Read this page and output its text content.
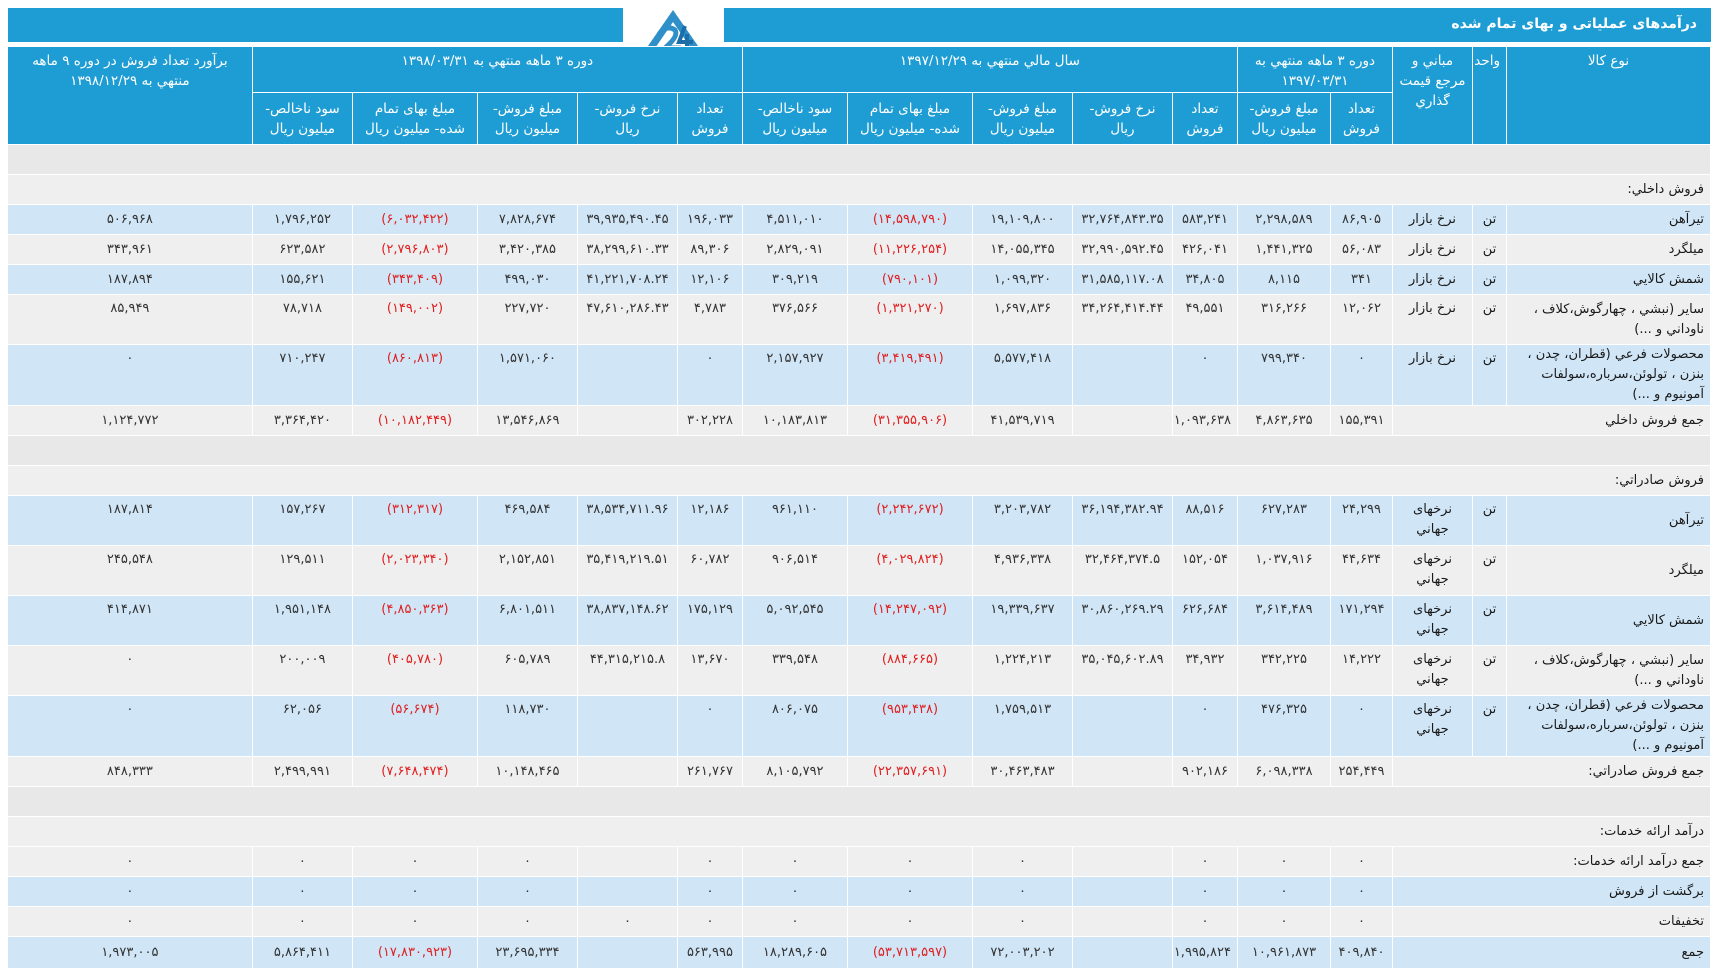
درآمدهای عملیاتی و بهای تمام شده
نوع کالا	واحد	مباني و مرجع قیمت گذاري	دوره ۳ ماهه منتهي به ۱۳۹۷/۰۳/۳۱		سال مالي منتهي به ۱۳۹۷/۱۲/۲۹					دوره ۳ ماهه منتهي به ۱۳۹۸/۰۳/۳۱					برآورد تعداد فروش در دوره ۹ ماهه منتهي به ۱۳۹۸/۱۲/۲۹
			تعداد فروش	مبلغ فروش- میلیون ریال	تعداد فروش	نرخ فروش- ریال	مبلغ فروش- میلیون ریال	مبلغ بهای تمام شده- میلیون ریال	سود ناخالص- میلیون ریال	تعداد فروش	نرخ فروش- ریال	مبلغ فروش- میلیون ریال	مبلغ بهای تمام شده- میلیون ریال	سود ناخالص- میلیون ریال	

فروش داخلي:															
تیرآهن	تن	نرخ بازار	۸۶,۹۰۵	۲,۲۹۸,۵۸۹	۵۸۳,۲۴۱	۳۲,۷۶۴,۸۴۳.۳۵	۱۹,۱۰۹,۸۰۰	(۱۴,۵۹۸,۷۹۰)	۴,۵۱۱,۰۱۰	۱۹۶,۰۳۳	۳۹,۹۳۵,۴۹۰.۴۵	۷,۸۲۸,۶۷۴	(۶,۰۳۲,۴۲۲)	۱,۷۹۶,۲۵۲	۵۰۶,۹۶۸
میلگرد	تن	نرخ بازار	۵۶,۰۸۳	۱,۴۴۱,۳۲۵	۴۲۶,۰۴۱	۳۲,۹۹۰,۵۹۲.۴۵	۱۴,۰۵۵,۳۴۵	(۱۱,۲۲۶,۲۵۴)	۲,۸۲۹,۰۹۱	۸۹,۳۰۶	۳۸,۲۹۹,۶۱۰.۳۳	۳,۴۲۰,۳۸۵	(۲,۷۹۶,۸۰۳)	۶۲۳,۵۸۲	۳۴۳,۹۶۱
شمش کالایي	تن	نرخ بازار	۳۴۱	۸,۱۱۵	۳۴,۸۰۵	۳۱,۵۸۵,۱۱۷.۰۸	۱,۰۹۹,۳۲۰	(۷۹۰,۱۰۱)	۳۰۹,۲۱۹	۱۲,۱۰۶	۴۱,۲۲۱,۷۰۸.۲۴	۴۹۹,۰۳۰	(۳۴۳,۴۰۹)	۱۵۵,۶۲۱	۱۸۷,۸۹۴
سایر (نبشي ، چهارگوش،کلاف ، ناوداني و ...)	تن	نرخ بازار	۱۲,۰۶۲	۳۱۶,۲۶۶	۴۹,۵۵۱	۳۴,۲۶۴,۴۱۴.۴۴	۱,۶۹۷,۸۳۶	(۱,۳۲۱,۲۷۰)	۳۷۶,۵۶۶	۴,۷۸۳	۴۷,۶۱۰,۲۸۶.۴۳	۲۲۷,۷۲۰	(۱۴۹,۰۰۲)	۷۸,۷۱۸	۸۵,۹۴۹
محصولات فرعي (قطران، چدن ، بنزن ، تولوئن،سرباره،سولفات آمونیوم و ...)	تن	نرخ بازار	۰	۷۹۹,۳۴۰	۰		۵,۵۷۷,۴۱۸	(۳,۴۱۹,۴۹۱)	۲,۱۵۷,۹۲۷	۰		۱,۵۷۱,۰۶۰	(۸۶۰,۸۱۳)	۷۱۰,۲۴۷	۰
جمع فروش داخلي			۱۵۵,۳۹۱	۴,۸۶۳,۶۳۵	۱,۰۹۳,۶۳۸		۴۱,۵۳۹,۷۱۹	(۳۱,۳۵۵,۹۰۶)	۱۰,۱۸۳,۸۱۳	۳۰۲,۲۲۸		۱۳,۵۴۶,۸۶۹	(۱۰,۱۸۲,۴۴۹)	۳,۳۶۴,۴۲۰	۱,۱۲۴,۷۷۲

فروش صادراتي:															
تیرآهن	تن	نرخهای جهاني	۲۴,۲۹۹	۶۲۷,۲۸۳	۸۸,۵۱۶	۳۶,۱۹۴,۳۸۲.۹۴	۳,۲۰۳,۷۸۲	(۲,۲۴۲,۶۷۲)	۹۶۱,۱۱۰	۱۲,۱۸۶	۳۸,۵۳۴,۷۱۱.۹۶	۴۶۹,۵۸۴	(۳۱۲,۳۱۷)	۱۵۷,۲۶۷	۱۸۷,۸۱۴
میلگرد	تن	نرخهای جهاني	۴۴,۶۳۴	۱,۰۳۷,۹۱۶	۱۵۲,۰۵۴	۳۲,۴۶۴,۳۷۴.۵	۴,۹۳۶,۳۳۸	(۴,۰۲۹,۸۲۴)	۹۰۶,۵۱۴	۶۰,۷۸۲	۳۵,۴۱۹,۲۱۹.۵۱	۲,۱۵۲,۸۵۱	(۲,۰۲۳,۳۴۰)	۱۲۹,۵۱۱	۲۴۵,۵۴۸
شمش کالایي	تن	نرخهای جهاني	۱۷۱,۲۹۴	۳,۶۱۴,۴۸۹	۶۲۶,۶۸۴	۳۰,۸۶۰,۲۶۹.۲۹	۱۹,۳۳۹,۶۳۷	(۱۴,۲۴۷,۰۹۲)	۵,۰۹۲,۵۴۵	۱۷۵,۱۲۹	۳۸,۸۳۷,۱۴۸.۶۲	۶,۸۰۱,۵۱۱	(۴,۸۵۰,۳۶۳)	۱,۹۵۱,۱۴۸	۴۱۴,۸۷۱
سایر (نبشي ، چهارگوش،کلاف ، ناوداني و ...)	تن	نرخهای جهاني	۱۴,۲۲۲	۳۴۲,۲۲۵	۳۴,۹۳۲	۳۵,۰۴۵,۶۰۲.۸۹	۱,۲۲۴,۲۱۳	(۸۸۴,۶۶۵)	۳۳۹,۵۴۸	۱۳,۶۷۰	۴۴,۳۱۵,۲۱۵.۸	۶۰۵,۷۸۹	(۴۰۵,۷۸۰)	۲۰۰,۰۰۹	۰
محصولات فرعي (قطران، چدن ، بنزن ، تولوئن،سرباره،سولفات آمونیوم و ...)	تن	نرخهای جهاني	۰	۴۷۶,۳۲۵	۰		۱,۷۵۹,۵۱۳	(۹۵۳,۴۳۸)	۸۰۶,۰۷۵	۰		۱۱۸,۷۳۰	(۵۶,۶۷۴)	۶۲,۰۵۶	۰
جمع فروش صادراتي:			۲۵۴,۴۴۹	۶,۰۹۸,۳۳۸	۹۰۲,۱۸۶		۳۰,۴۶۳,۴۸۳	(۲۲,۳۵۷,۶۹۱)	۸,۱۰۵,۷۹۲	۲۶۱,۷۶۷		۱۰,۱۴۸,۴۶۵	(۷,۶۴۸,۴۷۴)	۲,۴۹۹,۹۹۱	۸۴۸,۳۳۳

درآمد ارائه خدمات:															
جمع درآمد ارائه خدمات:			۰	۰	۰		۰	۰	۰	۰		۰	۰	۰	۰
برگشت از فروش			۰	۰	۰		۰	۰	۰	۰		۰	۰	۰	۰
تخفیفات			۰	۰	۰		۰	۰	۰	۰	۰	۰	۰	۰	۰
جمع			۴۰۹,۸۴۰	۱۰,۹۶۱,۸۷۳	۱,۹۹۵,۸۲۴		۷۲,۰۰۳,۲۰۲	(۵۳,۷۱۳,۵۹۷)	۱۸,۲۸۹,۶۰۵	۵۶۳,۹۹۵		۲۳,۶۹۵,۳۳۴	(۱۷,۸۳۰,۹۲۳)	۵,۸۶۴,۴۱۱	۱,۹۷۳,۰۰۵
